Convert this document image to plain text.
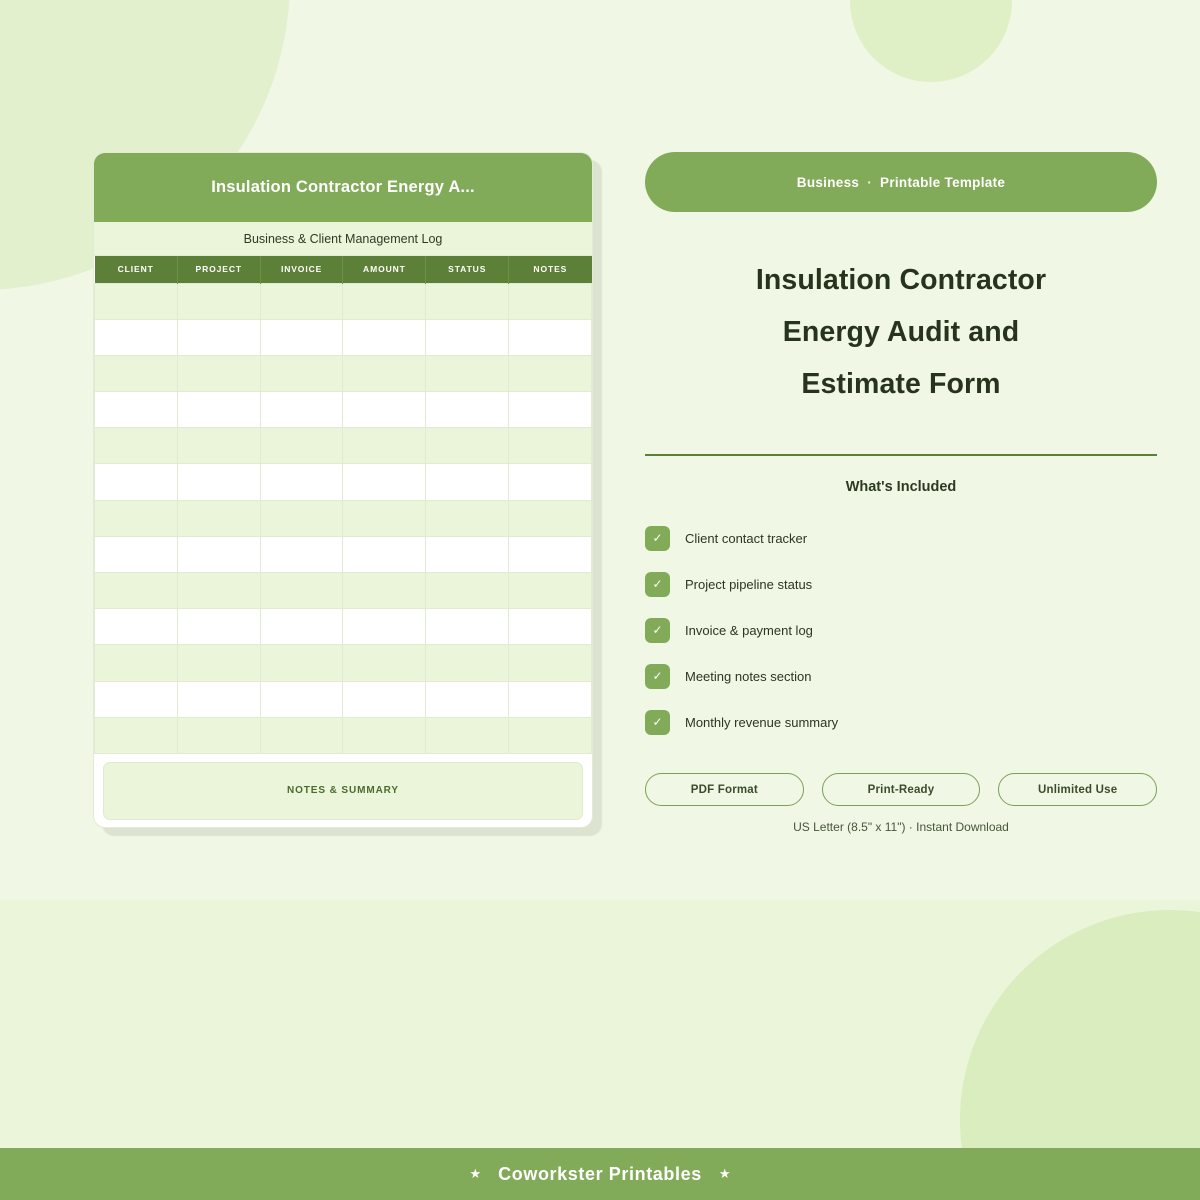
Insulation Contractor Energy A...
Business & Client Management Log
CLIENT	PROJECT	INVOICE	AMOUNT	STATUS	NOTES

NOTES & SUMMARY
Business · Printable Template
Insulation Contractor
Energy Audit and
Estimate Form
What's Included
✓	Client contact tracker
✓	Project pipeline status
✓	Invoice & payment log
✓	Meeting notes section
✓	Monthly revenue summary
PDF Format	Print-Ready	Unlimited Use
US Letter (8.5" x 11") · Instant Download
★ Coworkster Printables ★
